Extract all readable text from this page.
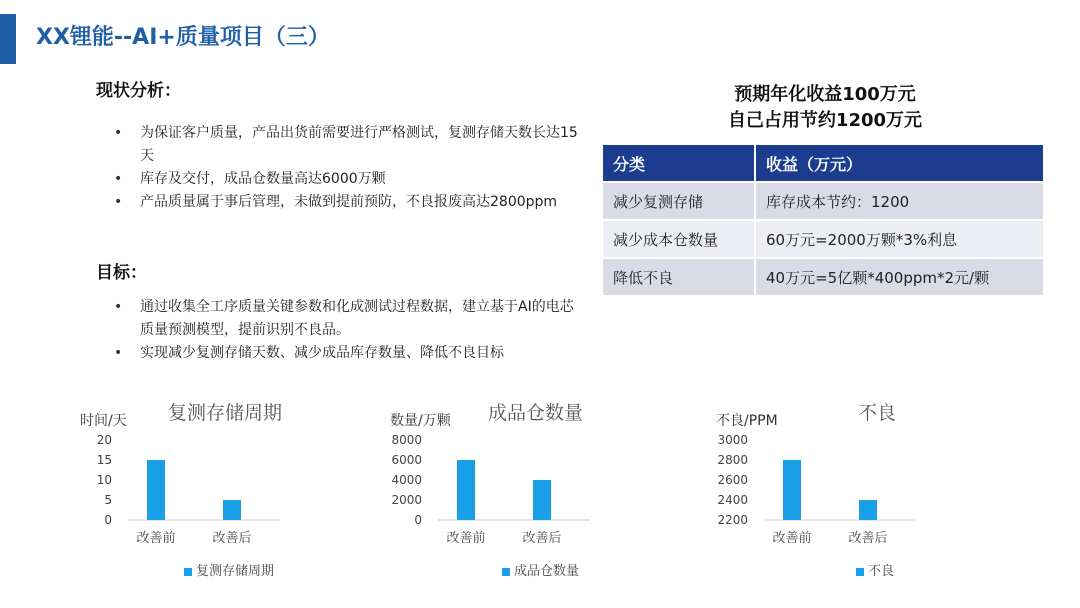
XX锂能--AI+质量项目（三）
现状分析：
• 为保证客户质量，产品出货前需要进行严格测试，复测存储天数长达15天
• 库存及交付，成品仓数量高达6000万颗
• 产品质量属于事后管理，未做到提前预防，不良报废高达2800ppm
目标：
• 通过收集全工序质量关键参数和化成测试过程数据，建立基于AI的电芯质量预测模型，提前识别不良品。
• 实现减少复测存储天数、减少成品库存数量、降低不良目标
预期年化收益100万元
自己占用节约1200万元
分类	收益（万元）
减少复测存储	库存成本节约：1200
减少成本仓数量	60万元=2000万颗*3%利息
降低不良	40万元=5亿颗*400ppm*2元/颗
时间/天 复测存储周期
0
5
10
15
20
改善前	改善后
复测存储周期
数量/万颗 成品仓数量
0
2000
4000
6000
8000
改善前	改善后
成品仓数量
不良/PPM	不良
2200
2400
2600
2800
3000
改善前	改善后
不良
